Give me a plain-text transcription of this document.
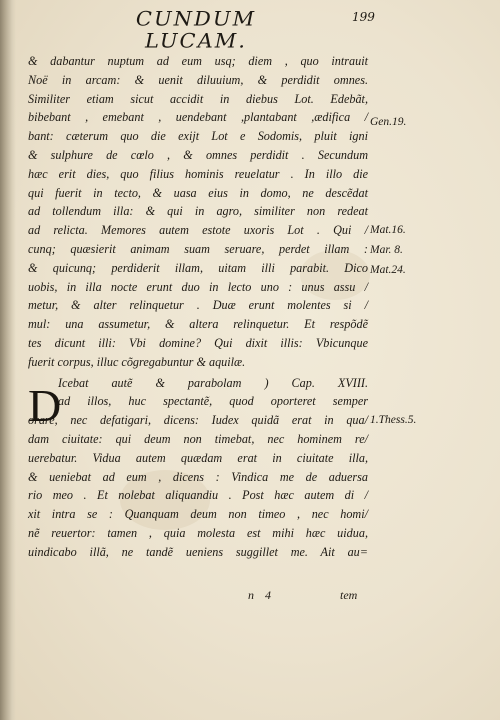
CUNDUM LUCAM.
199
& dabantur nuptum ad eum usq; diem , quo intrauit
Noë in arcam: & uenit diluuium, & perdidit omnes.
Similiter etiam sicut accidit in diebus Lot. Edebãt,
bibebant , emebant , uendebant ,plantabant ,ædifica /
bant: cæterum quo die exijt Lot e Sodomis, pluit igni
& sulphure de cœlo , & omnes perdidit . Secundum
hæc erit dies, quo filius hominis reuelatur . In illo die
qui fuerit in tecto, & uasa eius in domo, ne descẽdat
ad tollendum illa: & qui in agro, similiter non redeat
ad relicta. Memores autem estote uxoris Lot . Qui /
cunq; quæsierit animam suam seruare, perdet illam :
& quicunq; perdiderit illam, uitam illi parabit. Dico
uobis, in illa nocte erunt duo in lecto uno : unus assu /
metur, & alter relinquetur . Duæ erunt molentes si /
mul: una assumetur, & altera relinquetur. Et respõdẽ
tes dicunt illi: Vbi domine? Qui dixit illis: Vbicunque
fuerit corpus, illuc cõgregabuntur & aquilæ.
Icebat autẽ & parabolam ) Cap. XVIII.
ad illos, huc spectantẽ, quod oporteret semper
orare, nec defatigari, dicens: Iudex quidã erat in qua/
dam ciuitate: qui deum non timebat, nec hominem re/
uerebatur. Vidua autem quædam erat in ciuitate illa,
& ueniebat ad eum , dicens : Vindica me de aduersa
rio meo . Et nolebat aliquandiu . Post hæc autem di /
xit intra se : Quanquam deum non timeo , nec homi/
nẽ reuertor: tamen , quia molesta est mihi hæc uidua,
uindicabo illã, ne tandẽ ueniens suggillet me. Ait au=
D
Gen.19.
Mat.16.
Mar. 8.
Mat.24.
1.Thess.5.
n 4	tem
